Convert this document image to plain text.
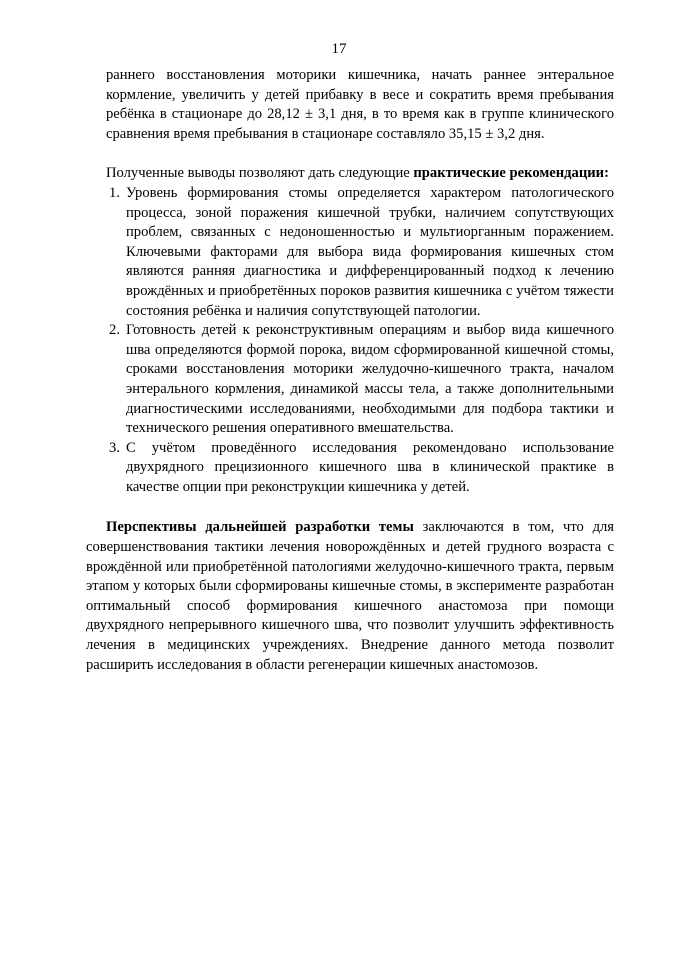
17

раннего восстановления моторики кишечника, начать раннее энтеральное кормление, увеличить у детей прибавку в весе и сократить время пребывания ребёнка в стационаре до 28,12 ± 3,1 дня, в то время как в группе клинического сравнения время пребывания в стационаре составляло 35,15 ± 3,2 дня.

Полученные выводы позволяют дать следующие практические рекомендации:

1. Уровень формирования стомы определяется характером патологического процесса, зоной поражения кишечной трубки, наличием сопутствующих проблем, связанных с недоношенностью и мультиорганным поражением. Ключевыми факторами для выбора вида формирования кишечных стом являются ранняя диагностика и дифференцированный подход к лечению врождённых и приобретённых пороков развития кишечника с учётом тяжести состояния ребёнка и наличия сопутствующей патологии.
2. Готовность детей к реконструктивным операциям и выбор вида кишечного шва определяются формой порока, видом сформированной кишечной стомы, сроками восстановления моторики желудочно-кишечного тракта, началом энтерального кормления, динамикой массы тела, а также дополнительными диагностическими исследованиями, необходимыми для подбора тактики и технического решения оперативного вмешательства.
3. С учётом проведённого исследования рекомендовано использование двухрядного прецизионного кишечного шва в клинической практике в качестве опции при реконструкции кишечника у детей.

Перспективы дальнейшей разработки темы заключаются в том, что для совершенствования тактики лечения новорождённых и детей грудного возраста с врождённой или приобретённой патологиями желудочно-кишечного тракта, первым этапом у которых были сформированы кишечные стомы, в эксперименте разработан оптимальный способ формирования кишечного анастомоза при помощи двухрядного непрерывного кишечного шва, что позволит улучшить эффективность лечения в медицинских учреждениях. Внедрение данного метода позволит расширить исследования в области регенерации кишечных анастомозов.
